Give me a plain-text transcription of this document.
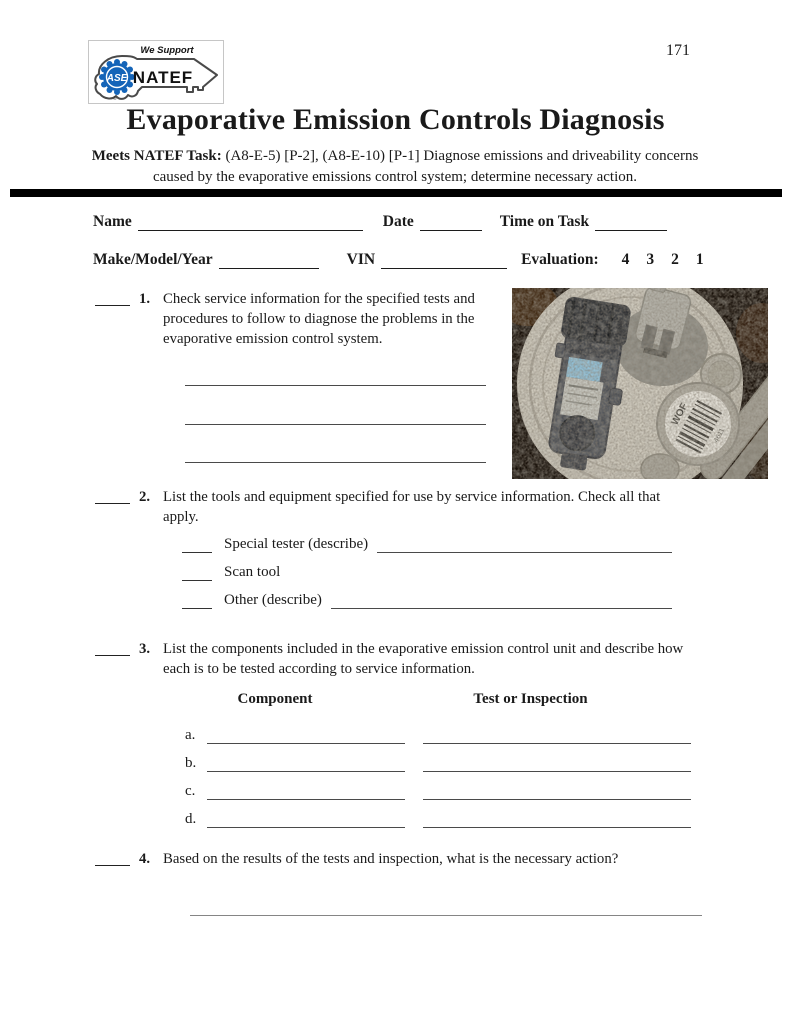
ASE
We Support
NATEF
®
171
Evaporative Emission Controls Diagnosis

Meets NATEF Task: (A8-E-5) [P-2], (A8-E-10) [P-1] Diagnose emissions and driveability concerns caused by the evaporative emissions control system; determine necessary action.

Name	Date	Time on Task
Make/Model/Year	VIN	Evaluation: 4 3 2 1
1. Check service information for the specified tests and procedures to follow to diagnose the problems in the evaporative emission control system.
2. List the tools and equipment specified for use by service information. Check all that apply.
Special tester (describe)
Scan tool
Other (describe)
3. List the components included in the evaporative emission control unit and describe how each is to be tested according to service information.
Component	Test or Inspection
a.
b.
c.
d.
4. Based on the results of the tests and inspection, what is the necessary action?
